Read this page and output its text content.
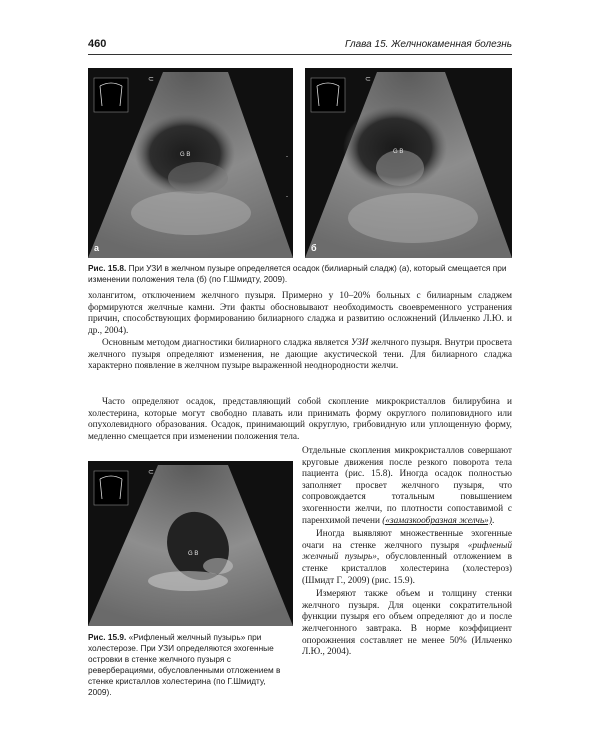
460	Глава 15. Желчнокаменная болезнь
⊂
-
-
G B
а
⊂
G B
б
Рис. 15.8. При УЗИ в желчном пузыре определяется осадок (билиарный сладж) (а), который смещается при изменении положения тела (б) (по Г.Шмидту, 2009).

холангитом, отключением желчного пузыря. Примерно у 10–20% больных с билиарным сладжем формируются желчные камни. Эти факты обосновывают необходимость своевременного устранения причин, способствующих формированию билиарного сладжа и развитию осложнений (Ильченко Л.Ю. и др., 2004).

Основным методом диагностики билиарного сладжа является УЗИ желчного пузыря. Внутри просвета желчного пузыря определяют изменения, не дающие акустической тени. Для билиарного сладжа характерно появление в желчном пузыре выраженной неоднородности желчи.

Часто определяют осадок, представляющий собой скопление микрокристаллов билирубина и холестерина, которые могут свободно плавать или принимать форму округлого полиповидного или опухолевидного образования. Осадок, принимающий округлую, грибовидную или уплощенную форму, медленно смещается при изменении положения тела.

⊂
G B
Рис. 15.9. «Рифленый желчный пузырь» при холестерозе. При УЗИ определяются эхогенные островки в стенке желчного пузыря с реверберациями, обусловленными отложением в стенке кристаллов холестерина (по Г.Шмидту, 2009).

Отдельные скопления микрокристаллов совершают круговые движения после резкого поворота тела пациента (рис. 15.8). Иногда осадок полностью заполняет просвет желчного пузыря, что сопровождается тотальным повышением эхогенности желчи, по плотности сопоставимой с паренхимой печени («замазкообразная желчь»).

Иногда выявляют множественные эхогенные очаги на стенке желчного пузыря «рифленый желчный пузырь», обусловленный отложением в стенке кристаллов холестерина (холестероз) (Шмидт Г., 2009) (рис. 15.9).

Измеряют также объем и толщину стенки желчного пузыря. Для оценки сократительной функции пузыря его объем определяют до и после желчегонного завтрака. В норме коэффициент опорожнения составляет не менее 50% (Ильченко Л.Ю., 2004).
